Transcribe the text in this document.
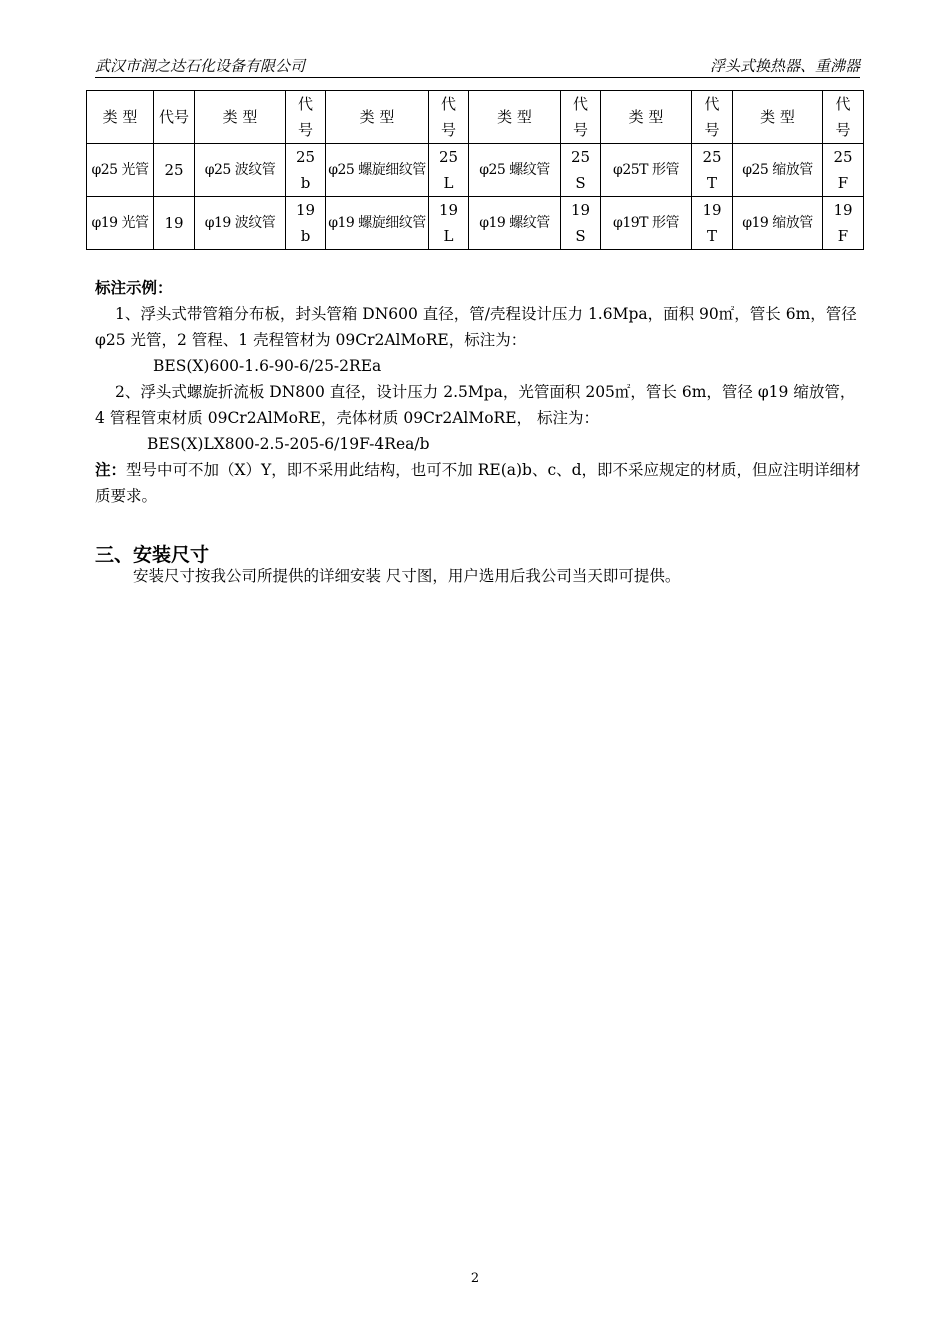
武汉市润之达石化设备有限公司	浮头式换热器、重沸器
类 型	代号	类 型	代号	类 型	代号	类 型	代号	类 型	代号	类 型	代号

φ25 光管	25	φ25 波纹管	25b	φ25 螺旋细纹管	25L	φ25 螺纹管	25S	φ25T 形管	25T	φ25 缩放管	25F

φ19 光管	19	φ19 波纹管	19b	φ19 螺旋细纹管	19L	φ19 螺纹管	19S	φ19T 形管	19T	φ19 缩放管	19F

标注示例：

1、浮头式带管箱分布板，封头管箱 DN600 直径，管/壳程设计压力 1.6Mpa，面积 90㎡，管长 6m，管径 φ25 光管，2 管程、1 壳程管材为 09Cr2AlMoRE，标注为：

BES(X)600-1.6-90-6/25-2REa

2、浮头式螺旋折流板 DN800 直径，设计压力 2.5Mpa，光管面积 205㎡，管长 6m，管径 φ19 缩放管，4 管程管束材质 09Cr2AlMoRE，壳体材质 09Cr2AlMoRE， 标注为：

BES(X)LX800-2.5-205-6/19F-4Rea/b

注：型号中可不加（X）Y，即不采用此结构，也可不加 RE(a)b、c、d，即不采应规定的材质，但应注明详细材质要求。

三、安装尺寸
安装尺寸按我公司所提供的详细安装 尺寸图，用户选用后我公司当天即可提供。
2
